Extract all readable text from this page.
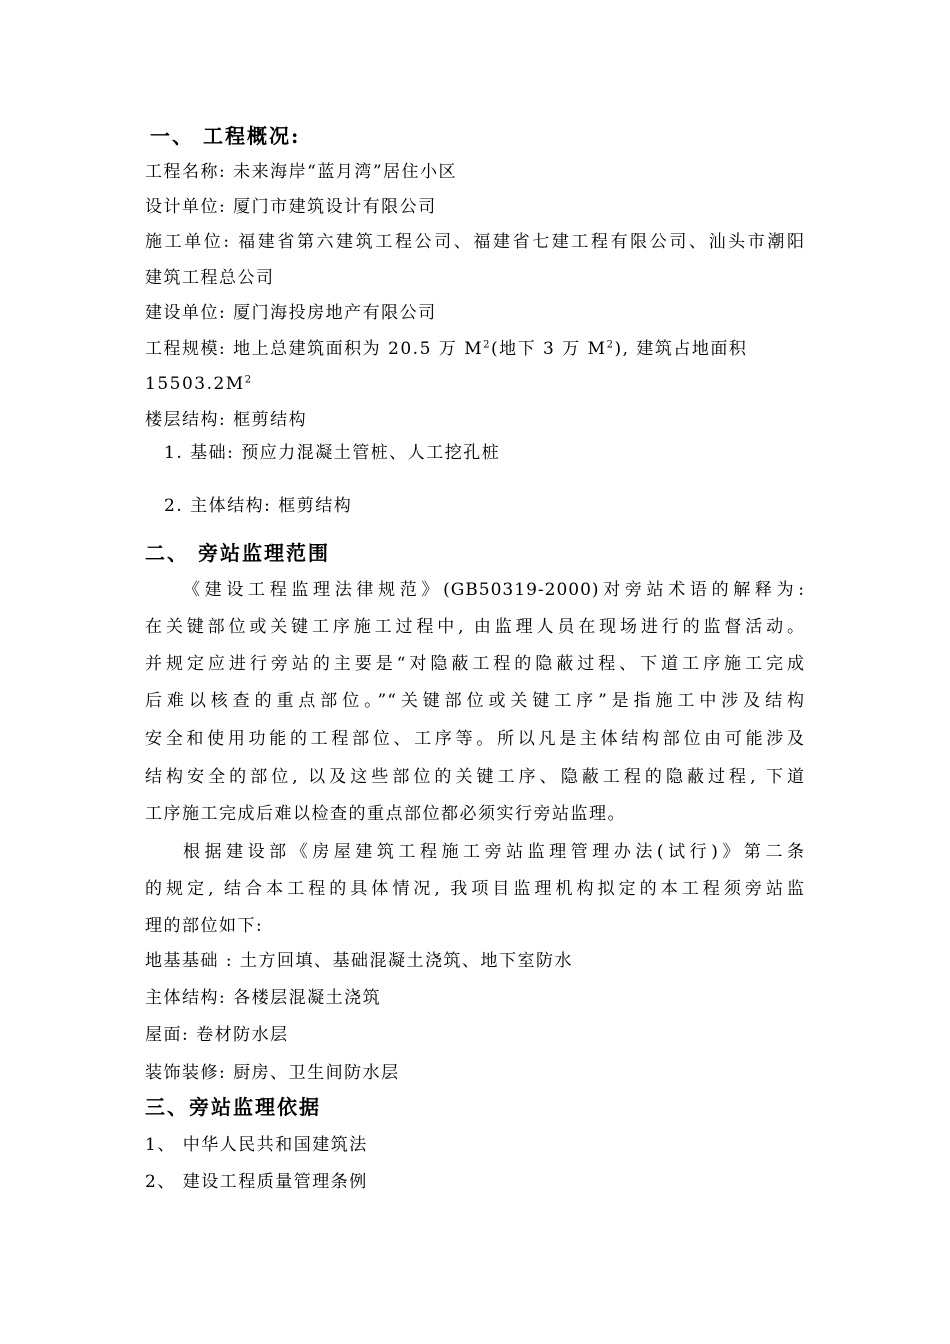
一、 工程概况:
工程名称: 未来海岸“蓝月湾”居住小区
设计单位: 厦门市建筑设计有限公司
施工单位: 福建省第六建筑工程公司、福建省七建工程有限公司、汕头市潮阳
建筑工程总公司
建设单位: 厦门海投房地产有限公司
工程规模: 地上总建筑面积为 20.5 万 $M^2$(地下 3 万 $M^2$), 建筑占地面积
$15503.2M^2$
楼层结构: 框剪结构
1. 基础: 预应力混凝土管桩、人工挖孔桩
2. 主体结构: 框剪结构
二、 旁站监理范围
《建设工程监理法律规范》(GB50319-2000)对旁站术语的解释为:
在关键部位或关键工序施工过程中, 由监理人员在现场进行的监督活动。
并规定应进行旁站的主要是“对隐蔽工程的隐蔽过程、下道工序施工完成
后难以核查的重点部位。”“关键部位或关键工序”是指施工中涉及结构
安全和使用功能的工程部位、工序等。所以凡是主体结构部位由可能涉及
结构安全的部位, 以及这些部位的关键工序、隐蔽工程的隐蔽过程, 下道
工序施工完成后难以检查的重点部位都必须实行旁站监理。
根据建设部《房屋建筑工程施工旁站监理管理办法(试行)》第二条
的规定, 结合本工程的具体情况, 我项目监理机构拟定的本工程须旁站监
理的部位如下:
地基基础 : 土方回填、基础混凝土浇筑、地下室防水
主体结构: 各楼层混凝土浇筑
屋面: 卷材防水层
装饰装修: 厨房、卫生间防水层
三、旁站监理依据
1、 中华人民共和国建筑法
2、 建设工程质量管理条例
